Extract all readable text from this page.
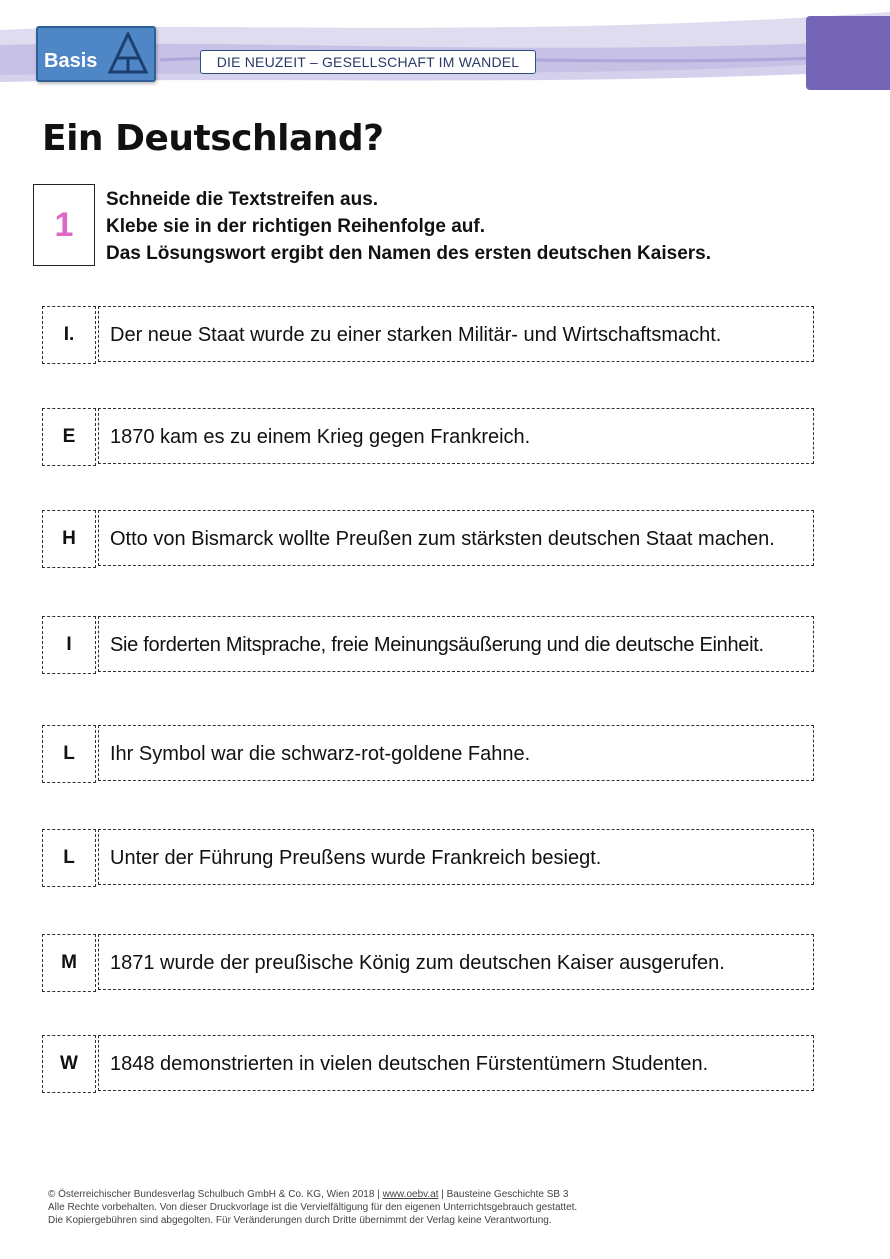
Basis	DIE NEUZEIT – GESELLSCHAFT IM WANDEL
Ein Deutschland?
1
Schneide die Textstreifen aus.
Klebe sie in der richtigen Reihenfolge auf.
Das Lösungswort ergibt den Namen des ersten deutschen Kaisers.
I.	Der neue Staat wurde zu einer starken Militär- und Wirtschaftsmacht.
E	1870 kam es zu einem Krieg gegen Frankreich.
H	Otto von Bismarck wollte Preußen zum stärksten deutschen Staat machen.
I	Sie forderten Mitsprache, freie Meinungsäußerung und die deutsche Einheit.
L	Ihr Symbol war die schwarz-rot-goldene Fahne.
L	Unter der Führung Preußens wurde Frankreich besiegt.
M	1871 wurde der preußische König zum deutschen Kaiser ausgerufen.
W	1848 demonstrierten in vielen deutschen Fürstentümern Studenten.
© Österreichischer Bundesverlag Schulbuch GmbH & Co. KG, Wien 2018 | www.oebv.at | Bausteine Geschichte SB 3
Alle Rechte vorbehalten. Von dieser Druckvorlage ist die Vervielfältigung für den eigenen Unterrichtsgebrauch gestattet.
Die Kopiergebühren sind abgegolten. Für Veränderungen durch Dritte übernimmt der Verlag keine Verantwortung.
